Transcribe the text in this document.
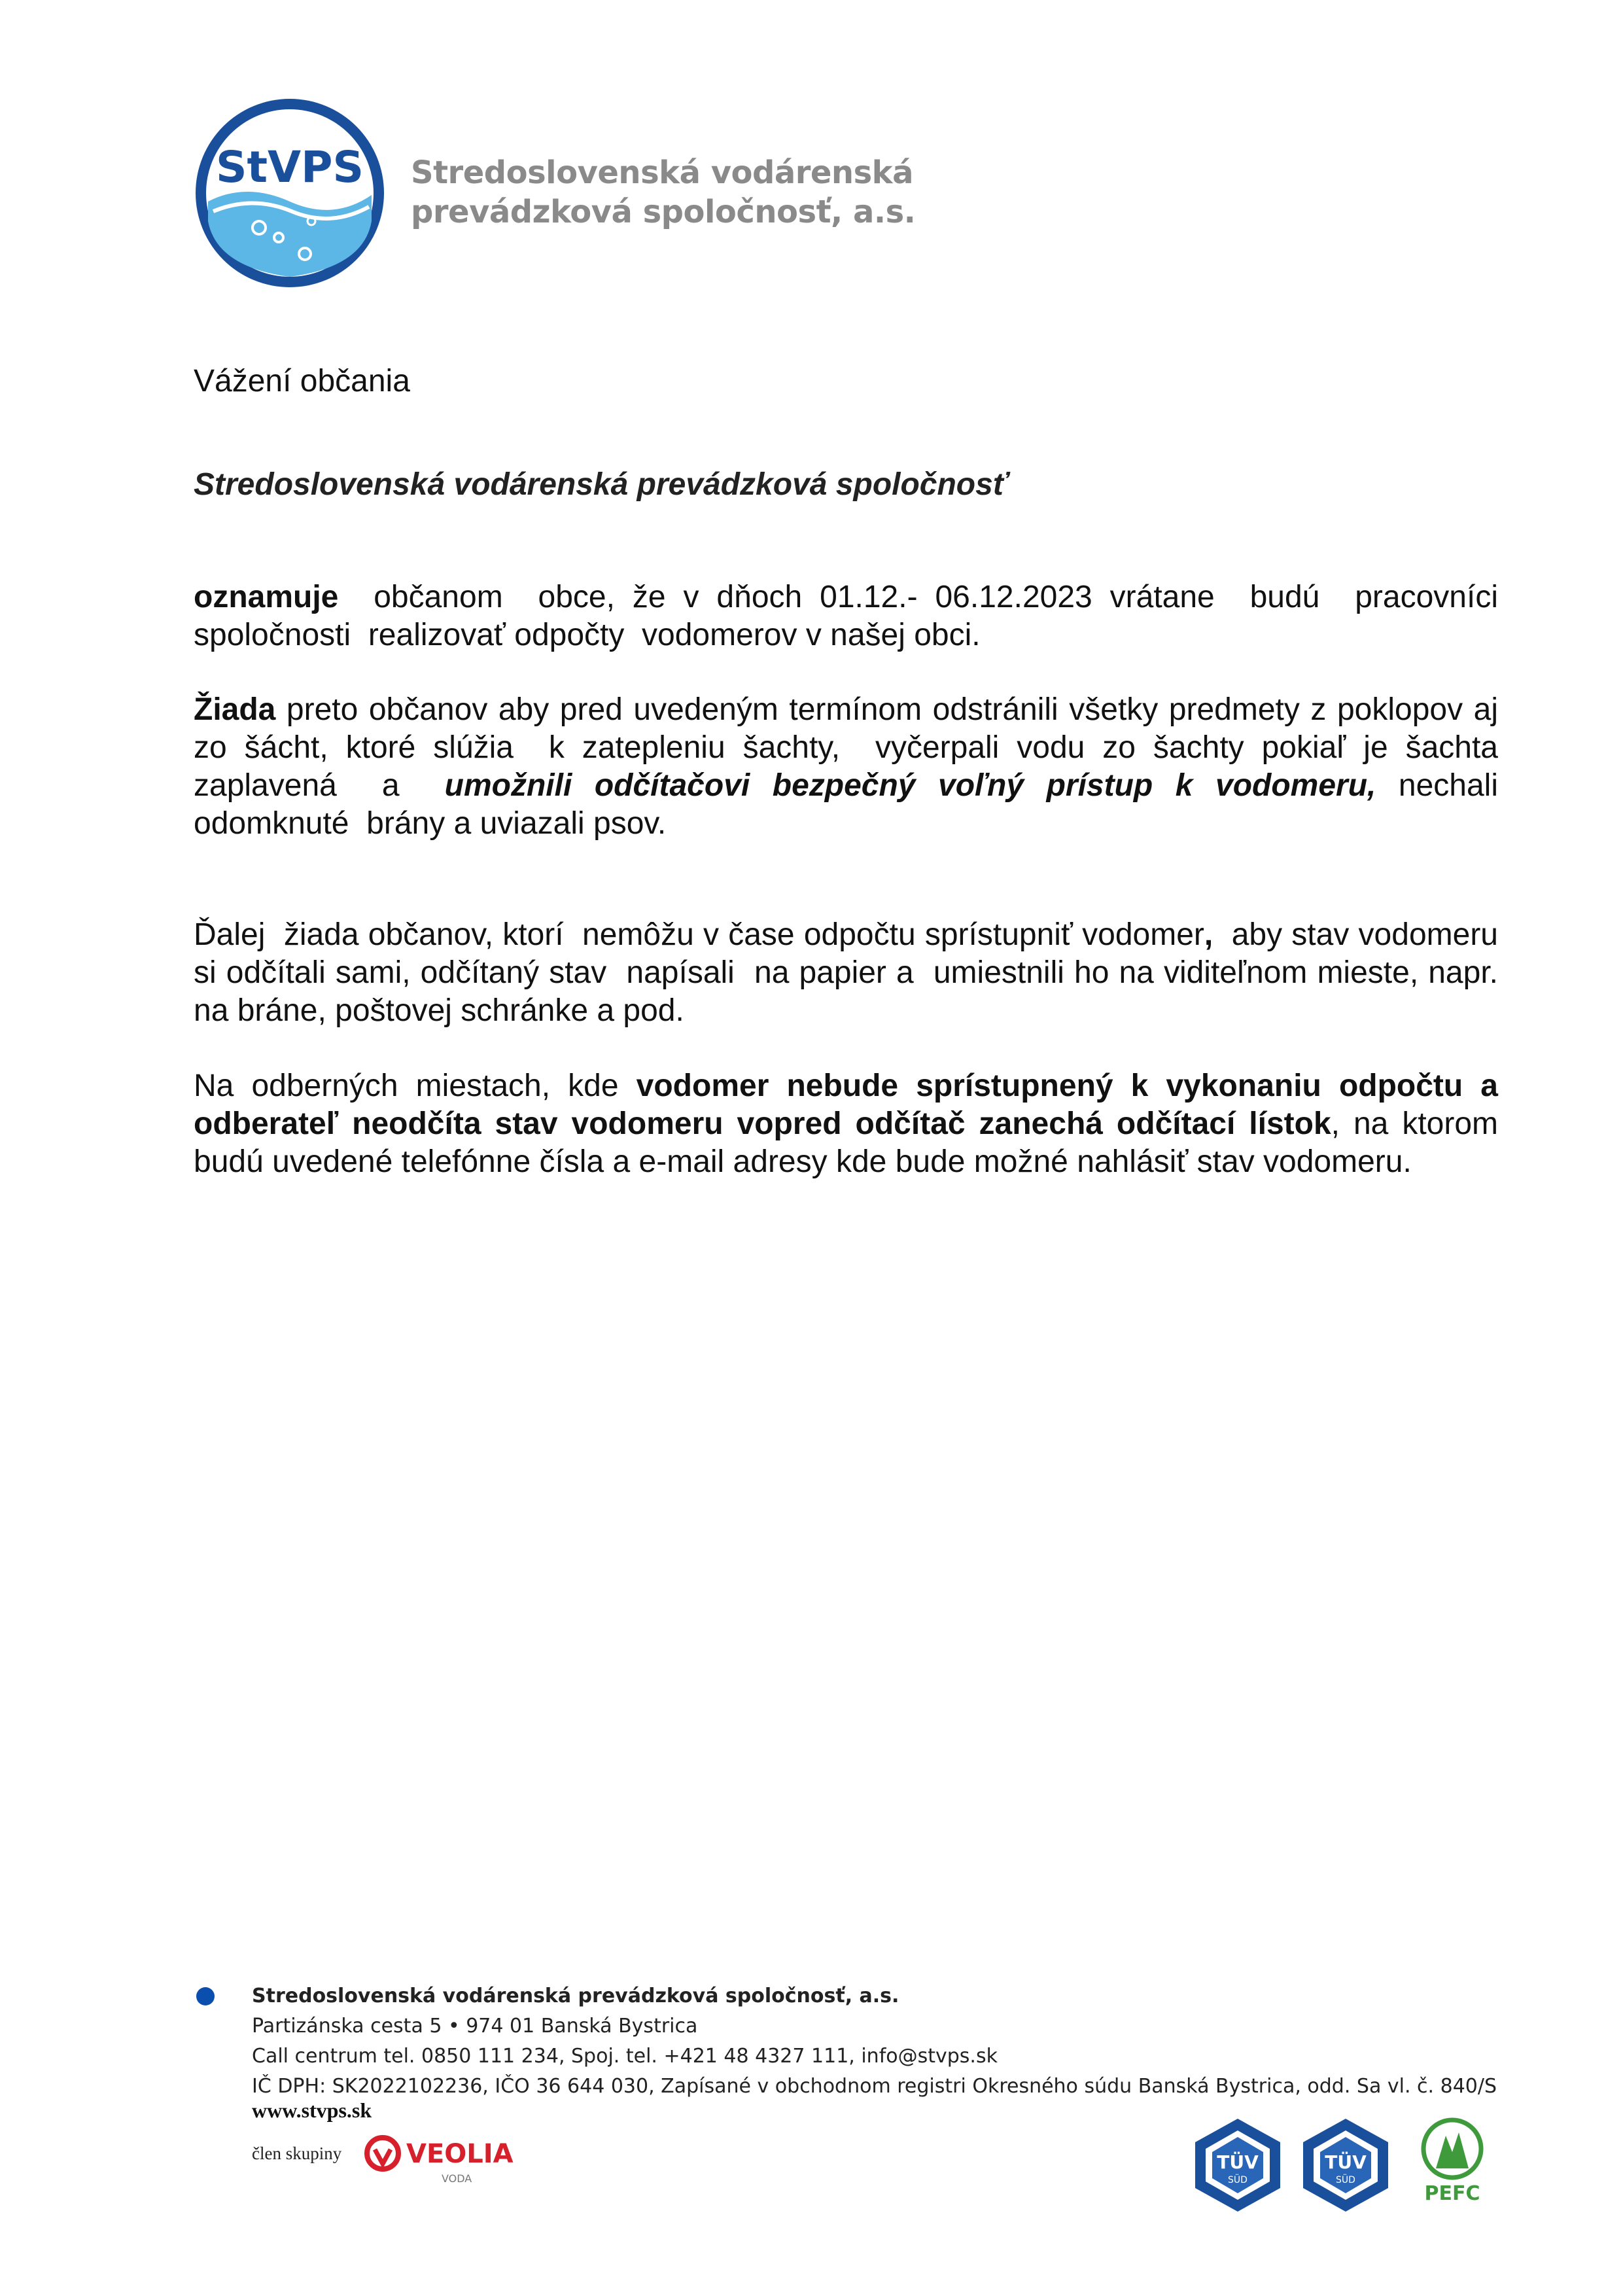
StVPS Stredoslovenská vodárenská
prevádzková spoločnosť, a.s.
Vážení občania
Stredoslovenská vodárenská prevádzková spoločnosť
oznamuje  občanom  obce, že v dňoch 01.12.- 06.12.2023 vrátane  budú  pracovníci spoločnosti  realizovať odpočty  vodomerov v našej obci.
Žiada preto občanov aby pred uvedeným termínom odstránili všetky predmety z poklopov aj zo šácht, ktoré slúžia  k zatepleniu šachty,  vyčerpali vodu zo šachty pokiaľ je šachta zaplavená  a  umožnili odčítačovi bezpečný voľný prístup k vodomeru, nechali odomknuté  brány a uviazali psov.
Ďalej  žiada občanov, ktorí  nemôžu v čase odpočtu sprístupniť vodomer,  aby stav vodomeru si odčítali sami, odčítaný stav  napísali  na papier a  umiestnili ho na viditeľnom mieste, napr. na bráne, poštovej schránke a pod.
Na odberných miestach, kde vodomer nebude sprístupnený k vykonaniu odpočtu a odberateľ neodčíta stav vodomeru vopred odčítač zanechá odčítací lístok, na ktorom  budú uvedené telefónne čísla a e-mail adresy kde bude možné nahlásiť stav vodomeru.
Stredoslovenská vodárenská prevádzková spoločnosť, a.s.
Partizánska cesta 5 • 974 01 Banská Bystrica
Call centrum tel. 0850 111 234, Spoj. tel. +421 48 4327 111, info@stvps.sk
IČ DPH: SK2022102236, IČO 36 644 030, Zapísané v obchodnom registri Okresného súdu Banská Bystrica, odd. Sa vl. č. 840/S
www.stvps.sk
člen skupiny VEOLIA
VODA
TÜV
SÜD
TÜV
SÜD
PEFC
